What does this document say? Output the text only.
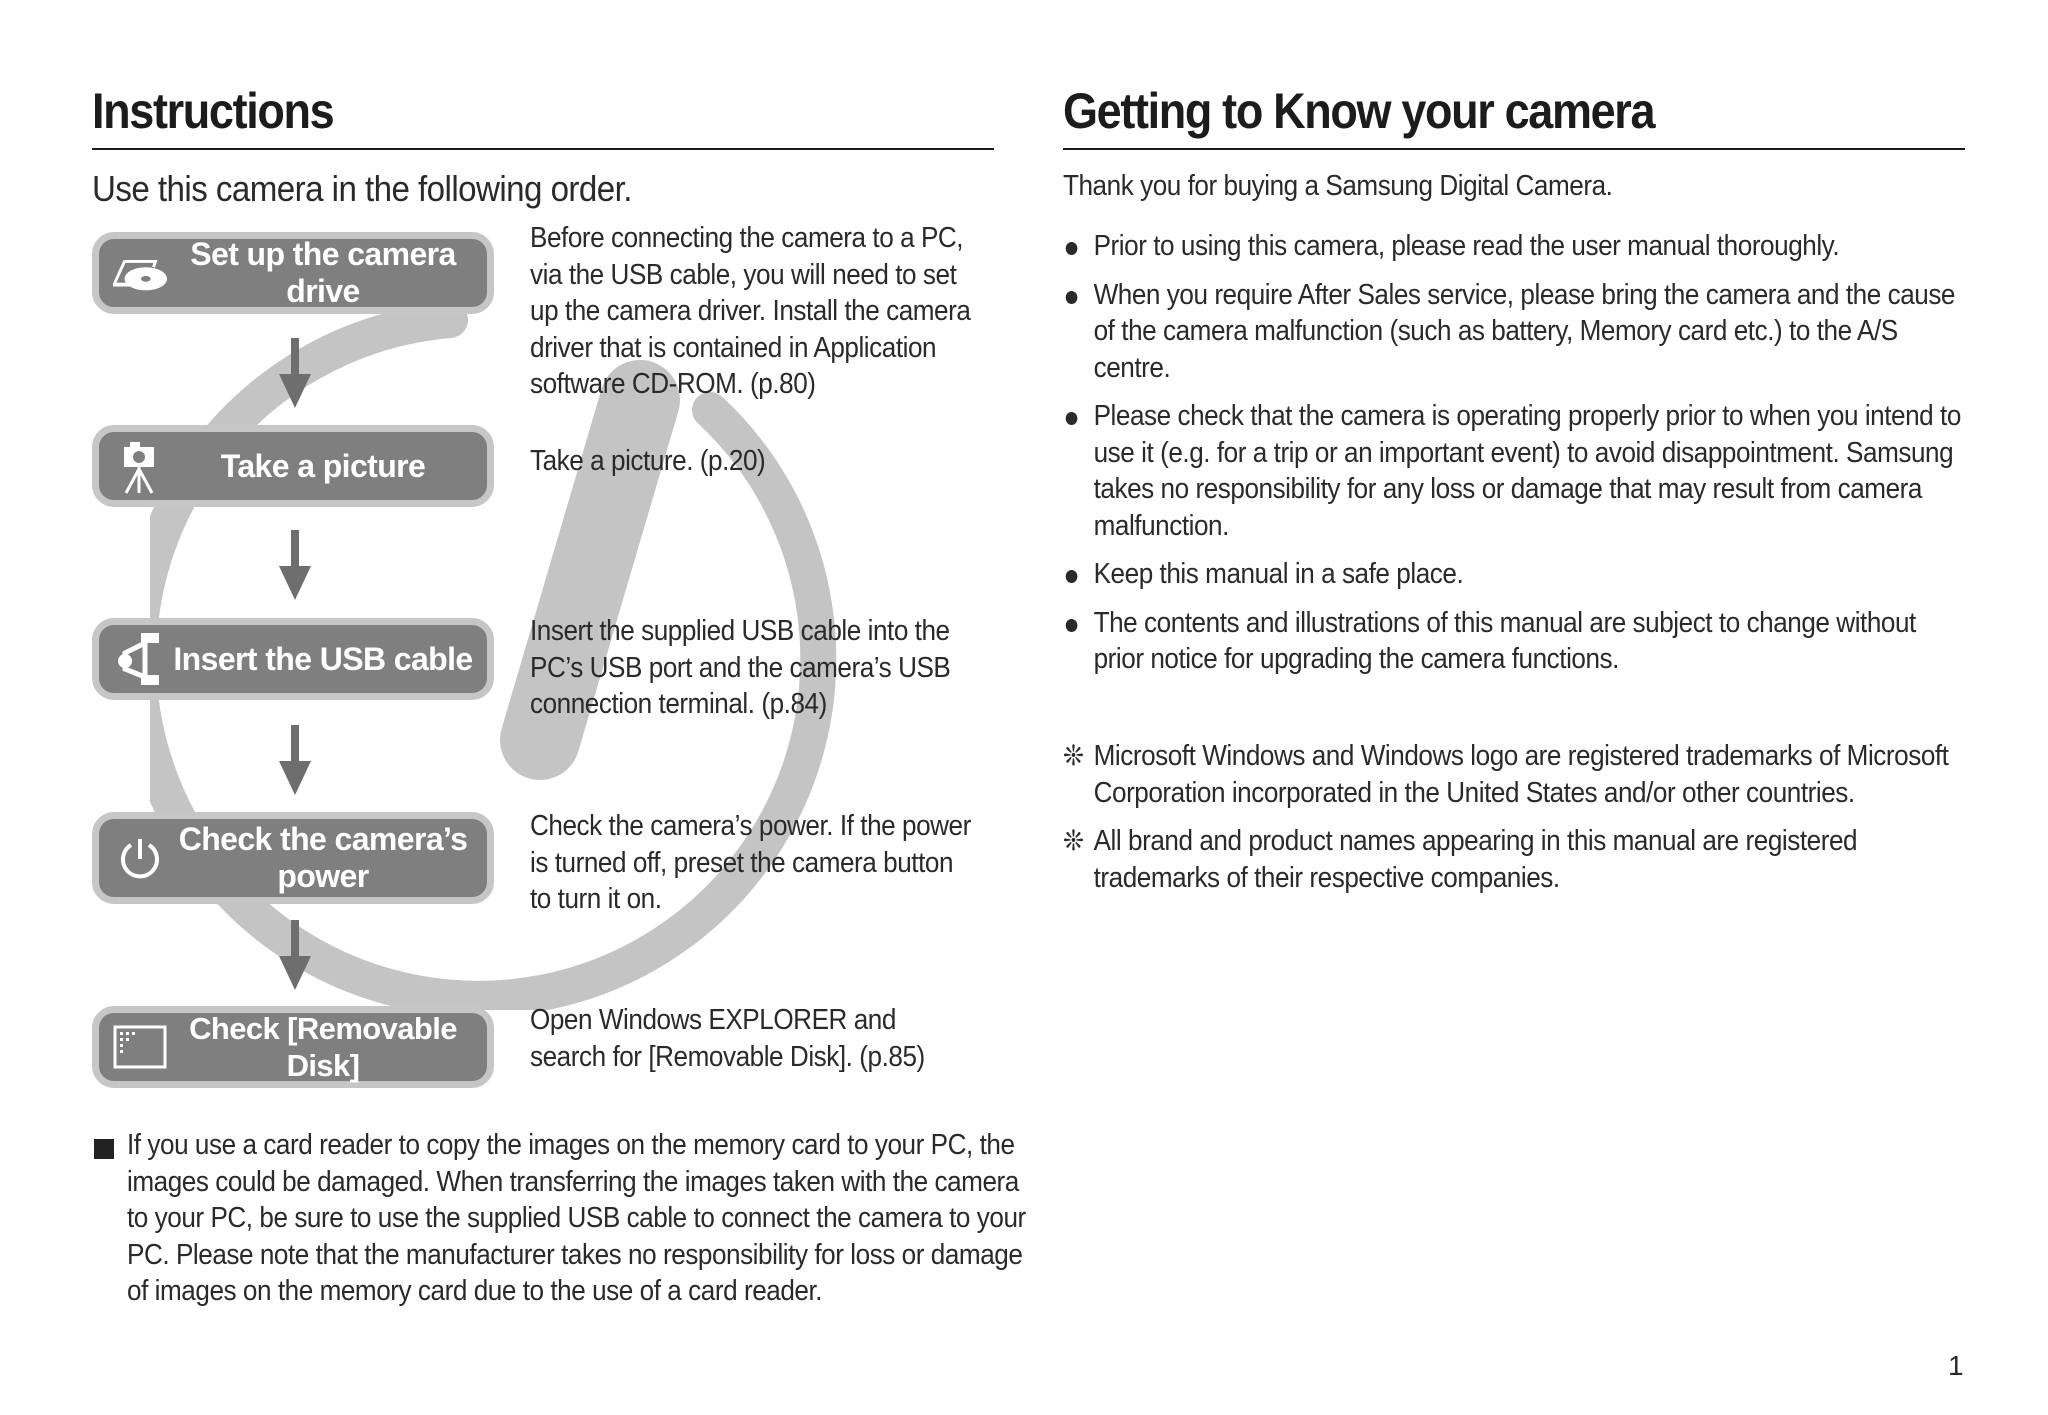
Instructions
Use this camera in the following order.
Set up the camera drive
Before connecting the camera to a PC, via the USB cable, you will need to set up the camera driver. Install the camera driver that is contained in Application software CD-ROM. (p.80)
Take a picture	Take a picture. (p.20)
Insert the USB cable
Insert the supplied USB cable into the PC’s USB port and the camera’s USB connection terminal. (p.84)
Check the camera’s power
Check the camera’s power. If the power is turned off, preset the camera button to turn it on.
Check [Removable Disk]
Open Windows EXPLORER and search for [Removable Disk]. (p.85)
If you use a card reader to copy the images on the memory card to your PC, the images could be damaged. When transferring the images taken with the camera to your PC, be sure to use the supplied USB cable to connect the camera to your PC. Please note that the manufacturer takes no responsibility for loss or damage of images on the memory card due to the use of a card reader.
Getting to Know your camera
Thank you for buying a Samsung Digital Camera.
Prior to using this camera, please read the user manual thoroughly.
When you require After Sales service, please bring the camera and the cause of the camera malfunction (such as battery, Memory card etc.) to the A/S centre.
Please check that the camera is operating properly prior to when you intend to use it (e.g. for a trip or an important event) to avoid disappointment. Samsung takes no responsibility for any loss or damage that may result from camera malfunction.
Keep this manual in a safe place.
The contents and illustrations of this manual are subject to change without prior notice for upgrading the camera functions.
❊ Microsoft Windows and Windows logo are registered trademarks of Microsoft Corporation incorporated in the United States and/or other countries.
❊ All brand and product names appearing in this manual are registered trademarks of their respective companies.
1
